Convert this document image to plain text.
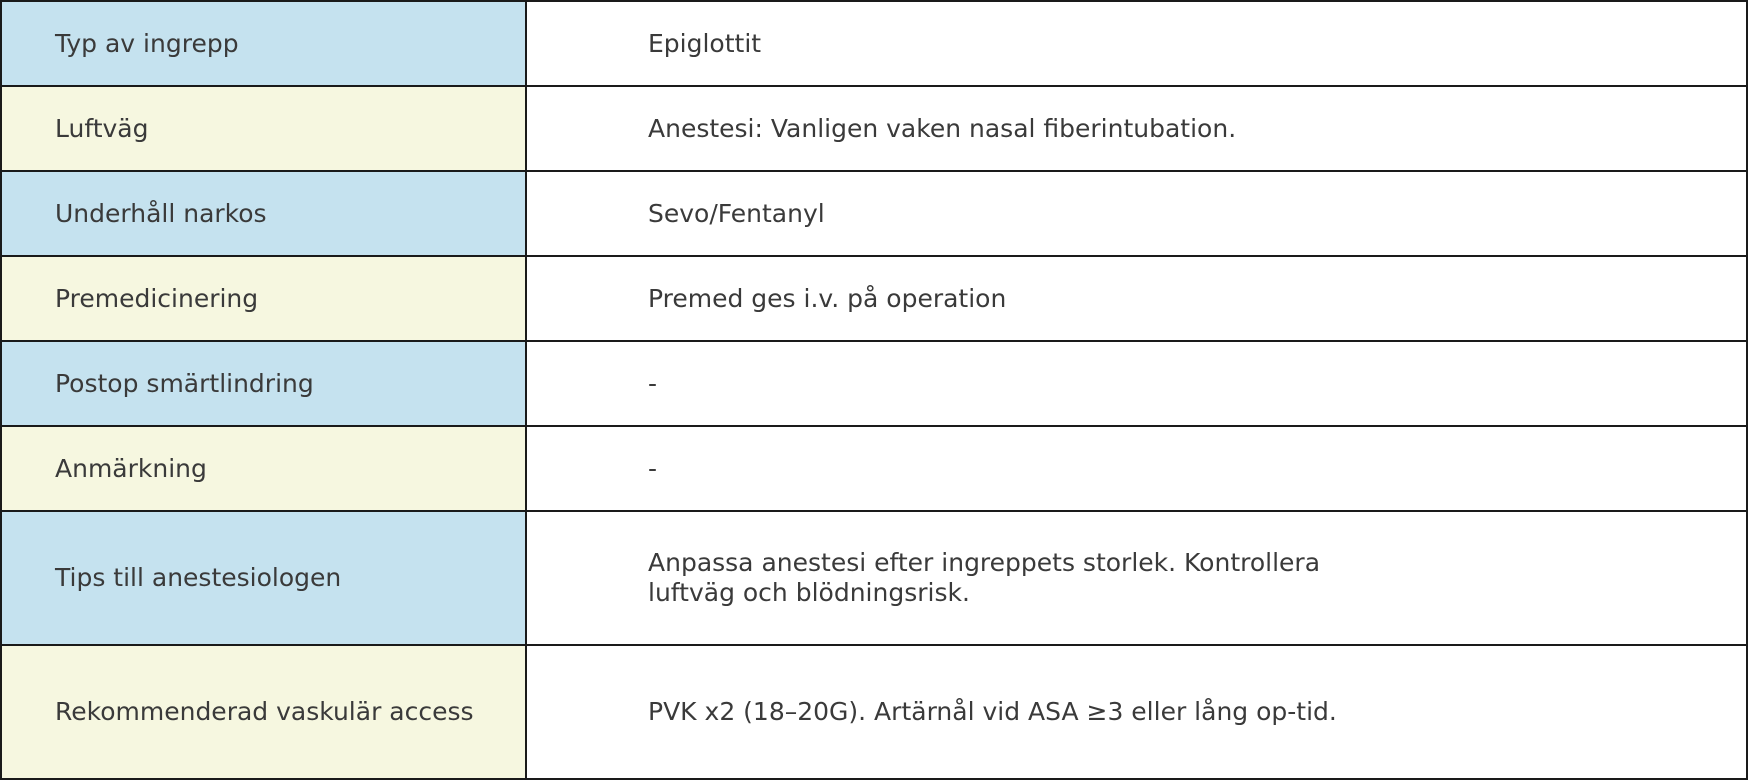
Typ av ingrepp	Epiglottit
Luftväg	Anestesi: Vanligen vaken nasal fiberintubation.
Underhåll narkos	Sevo/Fentanyl
Premedicinering	Premed ges i.v. på operation
Postop smärtlindring	-
Anmärkning	-
Tips till anestesiologen	Anpassa anestesi efter ingreppets storlek. Kontrollera luftväg och blödningsrisk.
Rekommenderad vaskulär access	PVK x2 (18–20G). Artärnål vid ASA ≥3 eller lång op-tid.
